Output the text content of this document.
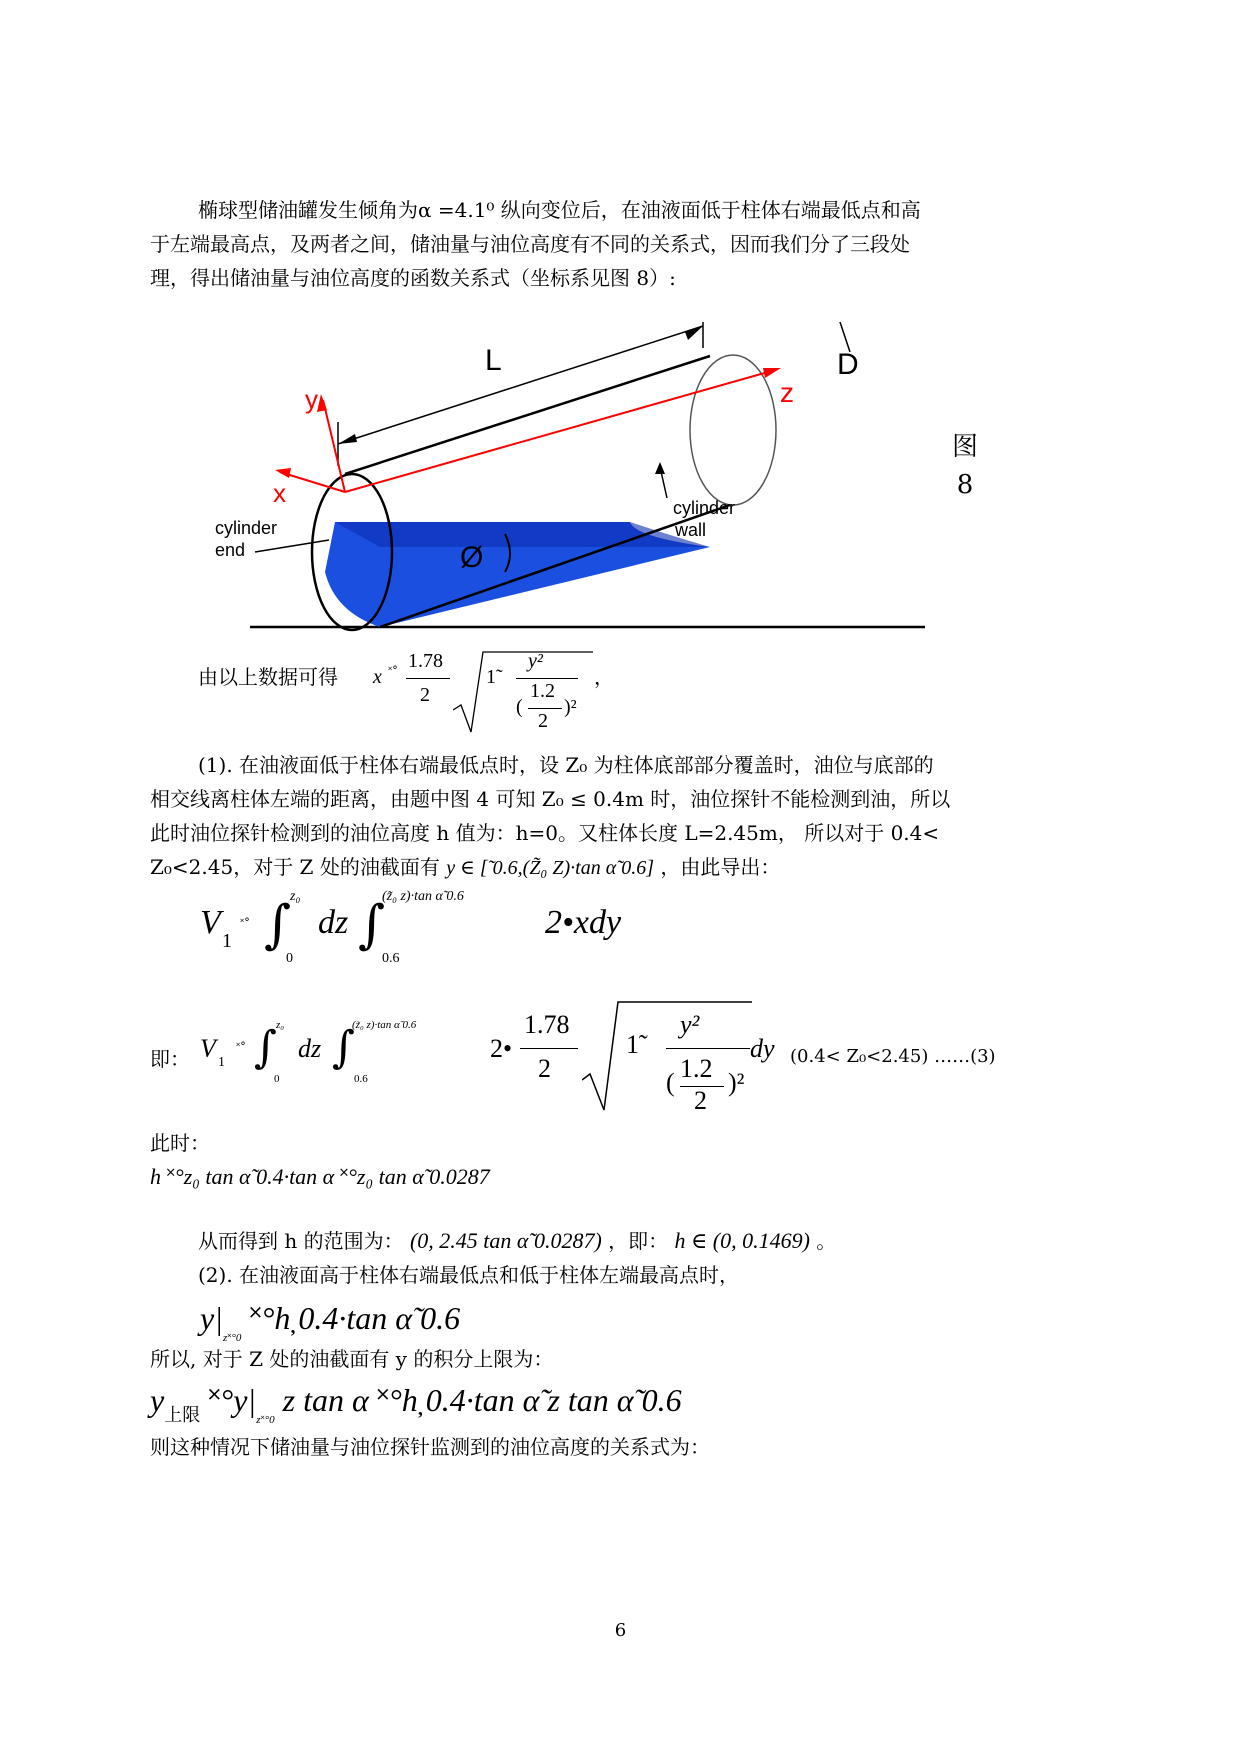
椭球型储油罐发生倾角为α =4.1⁰ 纵向变位后，在油液面低于柱体右端最低点和高
于左端最高点，及两者之间，储油量与油位高度有不同的关系式，因而我们分了三段处
理，得出储油量与油位高度的函数关系式（坐标系见图 8）:
L	D
y	z
x
Ø
cylinder
end
cylinder
wall
图
8
由以上数据可得 x ˟° 1.78
2
1̃
y²
1.2
(
2
)²
，
(1). 在油液面低于柱体右端最低点时，设 Z₀ 为柱体底部部分覆盖时，油位与底部的
相交线离柱体左端的距离，由题中图 4 可知 Z₀ ≤ 0.4m 时，油位探针不能检测到油，所以
此时油位探针检测到的油位高度 h 值为：h=0。又柱体长度 L=2.45m， 所以对于 0.4<
Z₀<2.45，对于 Z 处的油截面有 y ∈ [̃ 0.6,(Z̃₀ Z)·tan α̃ 0.6] ，由此导出：
V 1
˟° ∫
z₀
0
dz ∫
(z̃₀ z)·tan α̃ 0.6
0.6
2•xdy
即： V 1
˟° ∫ z₀
0
dz ∫
(z̃₀ z)·tan α̃ 0.6
0.6
2•
1.78
2
1̃
y²
( 1.2
2
)²
dy (0.4< Z₀<2.45) ……(3)
此时：
h ˟°z₀ tan α̃ 0.4·tan α ˟°z₀ tan α̃ 0.0287
从而得到 h 的范围为： (0, 2.45 tan α̃ 0.0287) ，即： h ∈ (0, 0.1469) 。
(2). 在油液面高于柱体右端最低点和低于柱体左端最高点时，
$y|_{z˟^\circ 0}$ ˟°h̦ 0.4·tan α̃ 0.6
所以, 对于 Z 处的油截面有 y 的积分上限为：
$y_{上限}$ $˟^\circ y|_{z˟^\circ 0}$ z tan α ˟°h̦ 0.4·tan α̃ z tan α̃ 0.6
则这种情况下储油量与油位探针监测到的油位高度的关系式为：
6
